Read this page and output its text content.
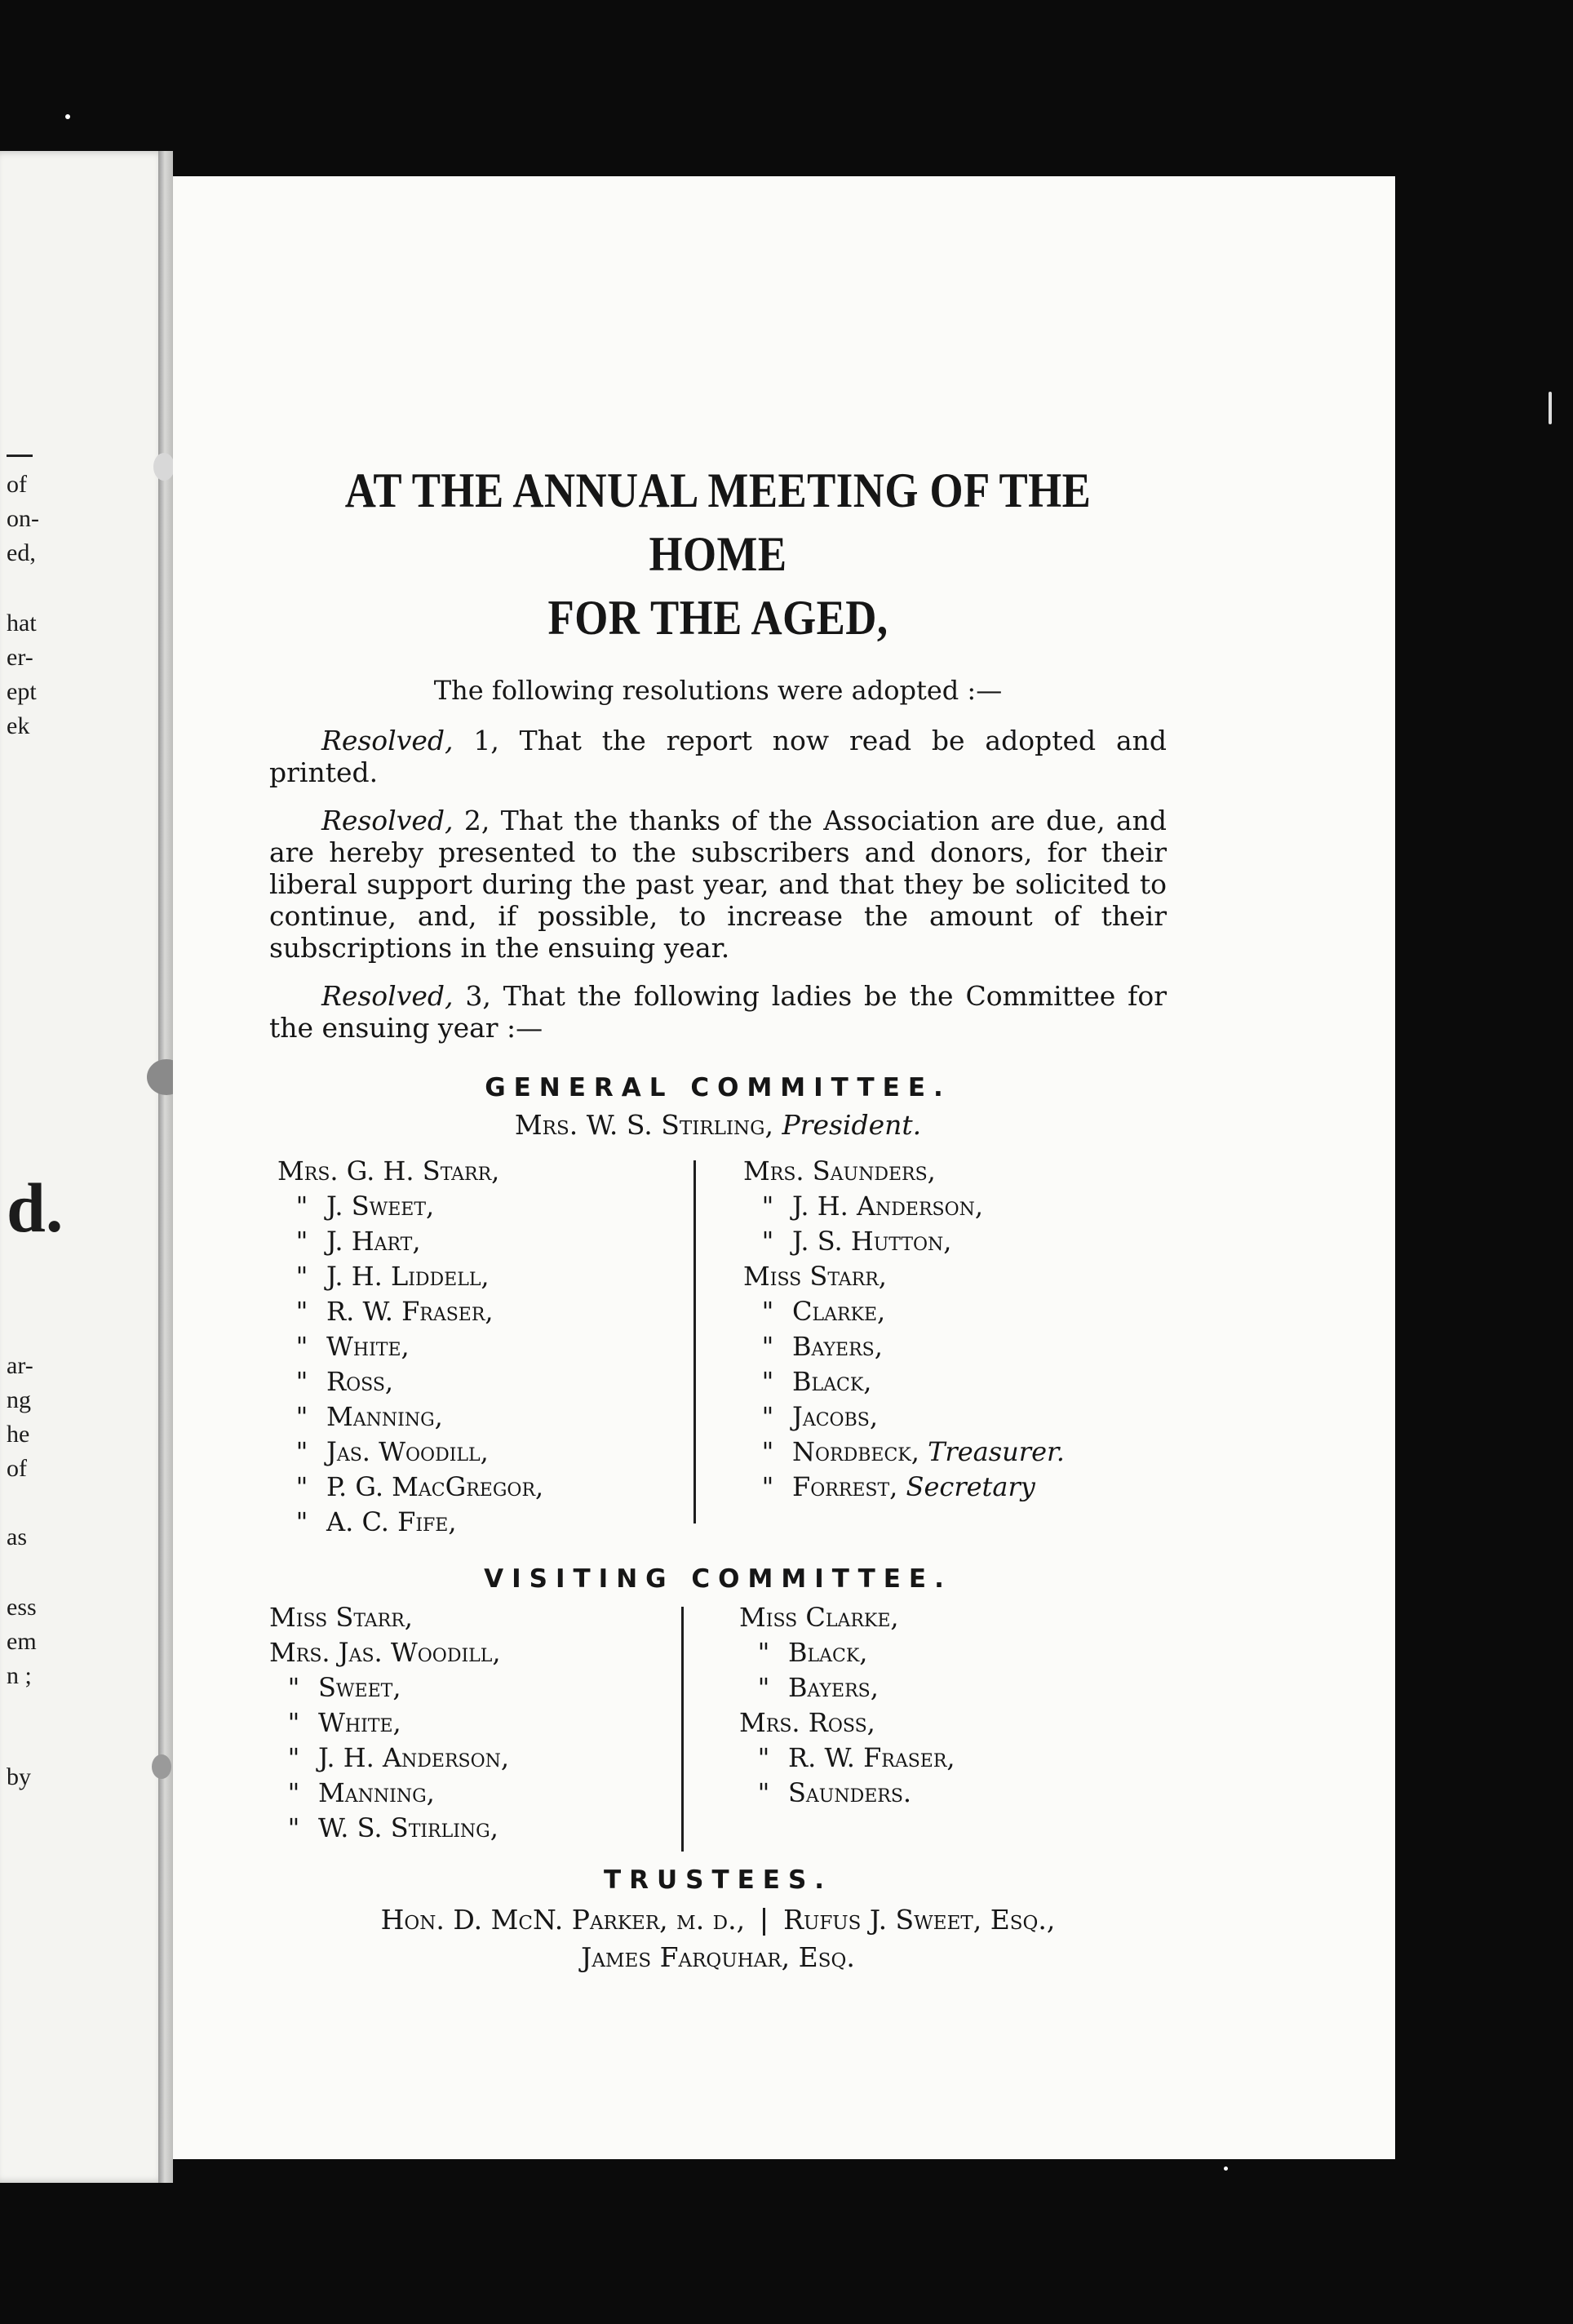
of
on-
ed,
hat
er-
ept
ek
d.
ar-
ng
he
of
as
ess
em
n ;
by
AT THE ANNUAL MEETING OF THE HOME
FOR THE AGED,
The following resolutions were adopted :—

Resolved, 1, That the report now read be adopted and printed.

Resolved, 2, That the thanks of the Association are due, and are hereby presented to the subscribers and donors, for their liberal support during the past year, and that they be solicited to continue, and, if possible, to increase the amount of their subscriptions in the ensuing year.

Resolved, 3, That the following ladies be the Committee for the ensuing year :—

GENERAL COMMITTEE.
Mrs. W. S. Stirling, President.
Mrs. G. H. Starr,
" J. Sweet,
" J. Hart,
" J. H. Liddell,
" R. W. Fraser,
" White,
" Ross,
" Manning,
" Jas. Woodill,
" P. G. MacGregor,
" A. C. Fife,
Mrs. Saunders,
" J. H. Anderson,
" J. S. Hutton,
Miss Starr,
" Clarke,
" Bayers,
" Black,
" Jacobs,
" Nordbeck, Treasurer.
" Forrest, Secretary
VISITING COMMITTEE.
Miss Starr,
Mrs. Jas. Woodill,
" Sweet,
" White,
" J. H. Anderson,
" Manning,
" W. S. Stirling,
Miss Clarke,
" Black,
" Bayers,
Mrs. Ross,
" R. W. Fraser,
" Saunders.
TRUSTEES.
Hon. D. McN. Parker, m. d., Rufus J. Sweet, Esq.,
James Farquhar, Esq.
